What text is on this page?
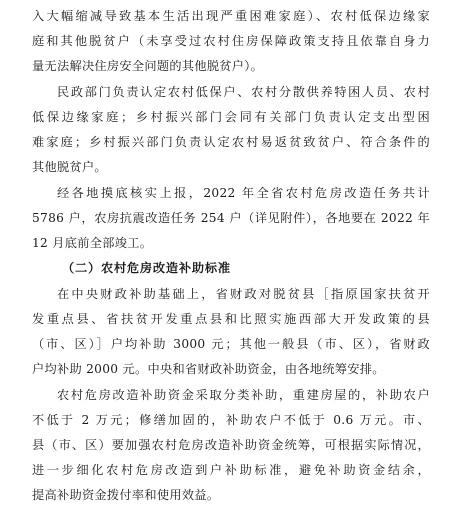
入大幅缩减导致基本生活出现严重困难家庭）、农村低保边缘家
庭和其他脱贫户（未享受过农村住房保障政策支持且依靠自身力
量无法解决住房安全问题的其他脱贫户）。
民政部门负责认定农村低保户、农村分散供养特困人员、农村
低保边缘家庭；乡村振兴部门会同有关部门负责认定支出型困
难家庭；乡村振兴部门负责认定农村易返贫致贫户、符合条件的
其他脱贫户。
经各地摸底核实上报，2022 年全省农村危房改造任务共计
5786 户，农房抗震改造任务 254 户（详见附件），各地要在 2022 年
12 月底前全部竣工。
（二）农村危房改造补助标准
在中央财政补助基础上，省财政对脱贫县［指原国家扶贫开
发重点县、省扶贫开发重点县和比照实施西部大开发政策的县
（市、区）］户均补助 3000 元；其他一般县（市、区），省财政
户均补助 2000 元。中央和省财政补助资金，由各地统筹安排。
农村危房改造补助资金采取分类补助，重建房屋的，补助农户
不低于 2 万元；修缮加固的，补助农户不低于 0.6 万元。市、
县（市、区）要加强农村危房改造补助资金统筹，可根据实际情况，
进一步细化农村危房改造到户补助标准，避免补助资金结余，
提高补助资金拨付率和使用效益。
